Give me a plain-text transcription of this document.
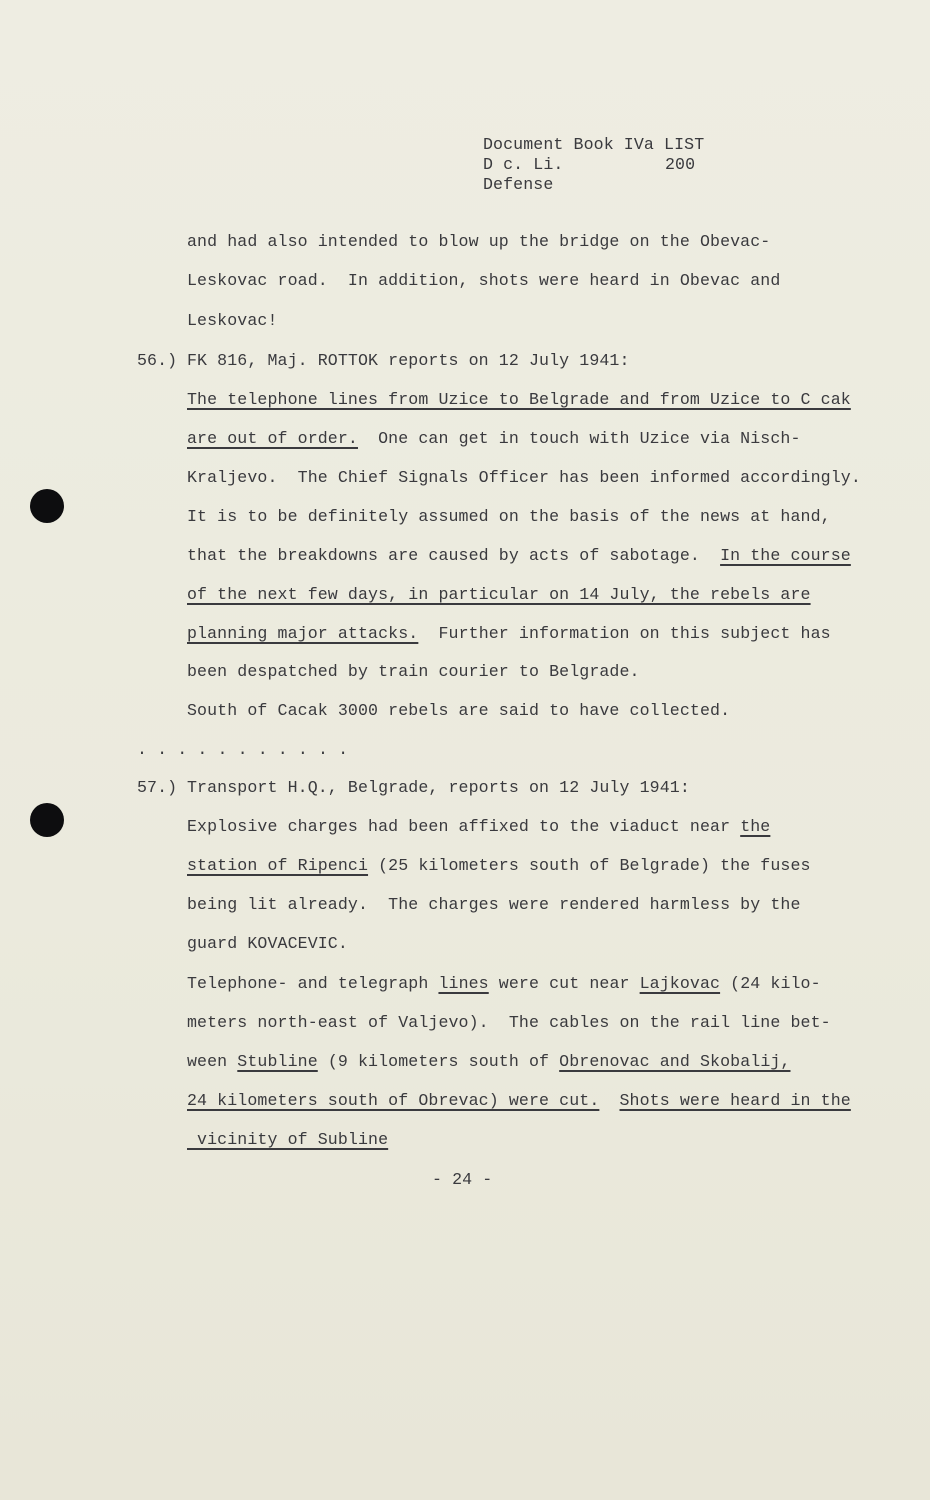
Document Book IVa LIST
D c. Li.	200
Defense
and had also intended to blow up the bridge on the Obevac-
Leskovac road.  In addition, shots were heard in Obevac and
Leskovac!
56.) FK 816, Maj. ROTTOK reports on 12 July 1941:
The telephone lines from Uzice to Belgrade and from Uzice to C cak
are out of order.  One can get in touch with Uzice via Nisch-
Kraljevo.  The Chief Signals Officer has been informed accordingly.
It is to be definitely assumed on the basis of the news at hand,
that the breakdowns are caused by acts of sabotage.  In the course
of the next few days, in particular on 14 July, the rebels are
planning major attacks.  Further information on this subject has
been despatched by train courier to Belgrade.
South of Cacak 3000 rebels are said to have collected.
. . . . . . . . . . .
57.) Transport H.Q., Belgrade, reports on 12 July 1941:
Explosive charges had been affixed to the viaduct near the
station of Ripenci (25 kilometers south of Belgrade) the fuses
being lit already.  The charges were rendered harmless by the
guard KOVACEVIC.
Telephone- and telegraph lines were cut near Lajkovac (24 kilo-
meters north-east of Valjevo).  The cables on the rail line bet-
ween Stubline (9 kilometers south of Obrenovac and Skobalij,
24 kilometers south of Obrevac) were cut. Shots were heard in the
vicinity of Subline
- 24 -
